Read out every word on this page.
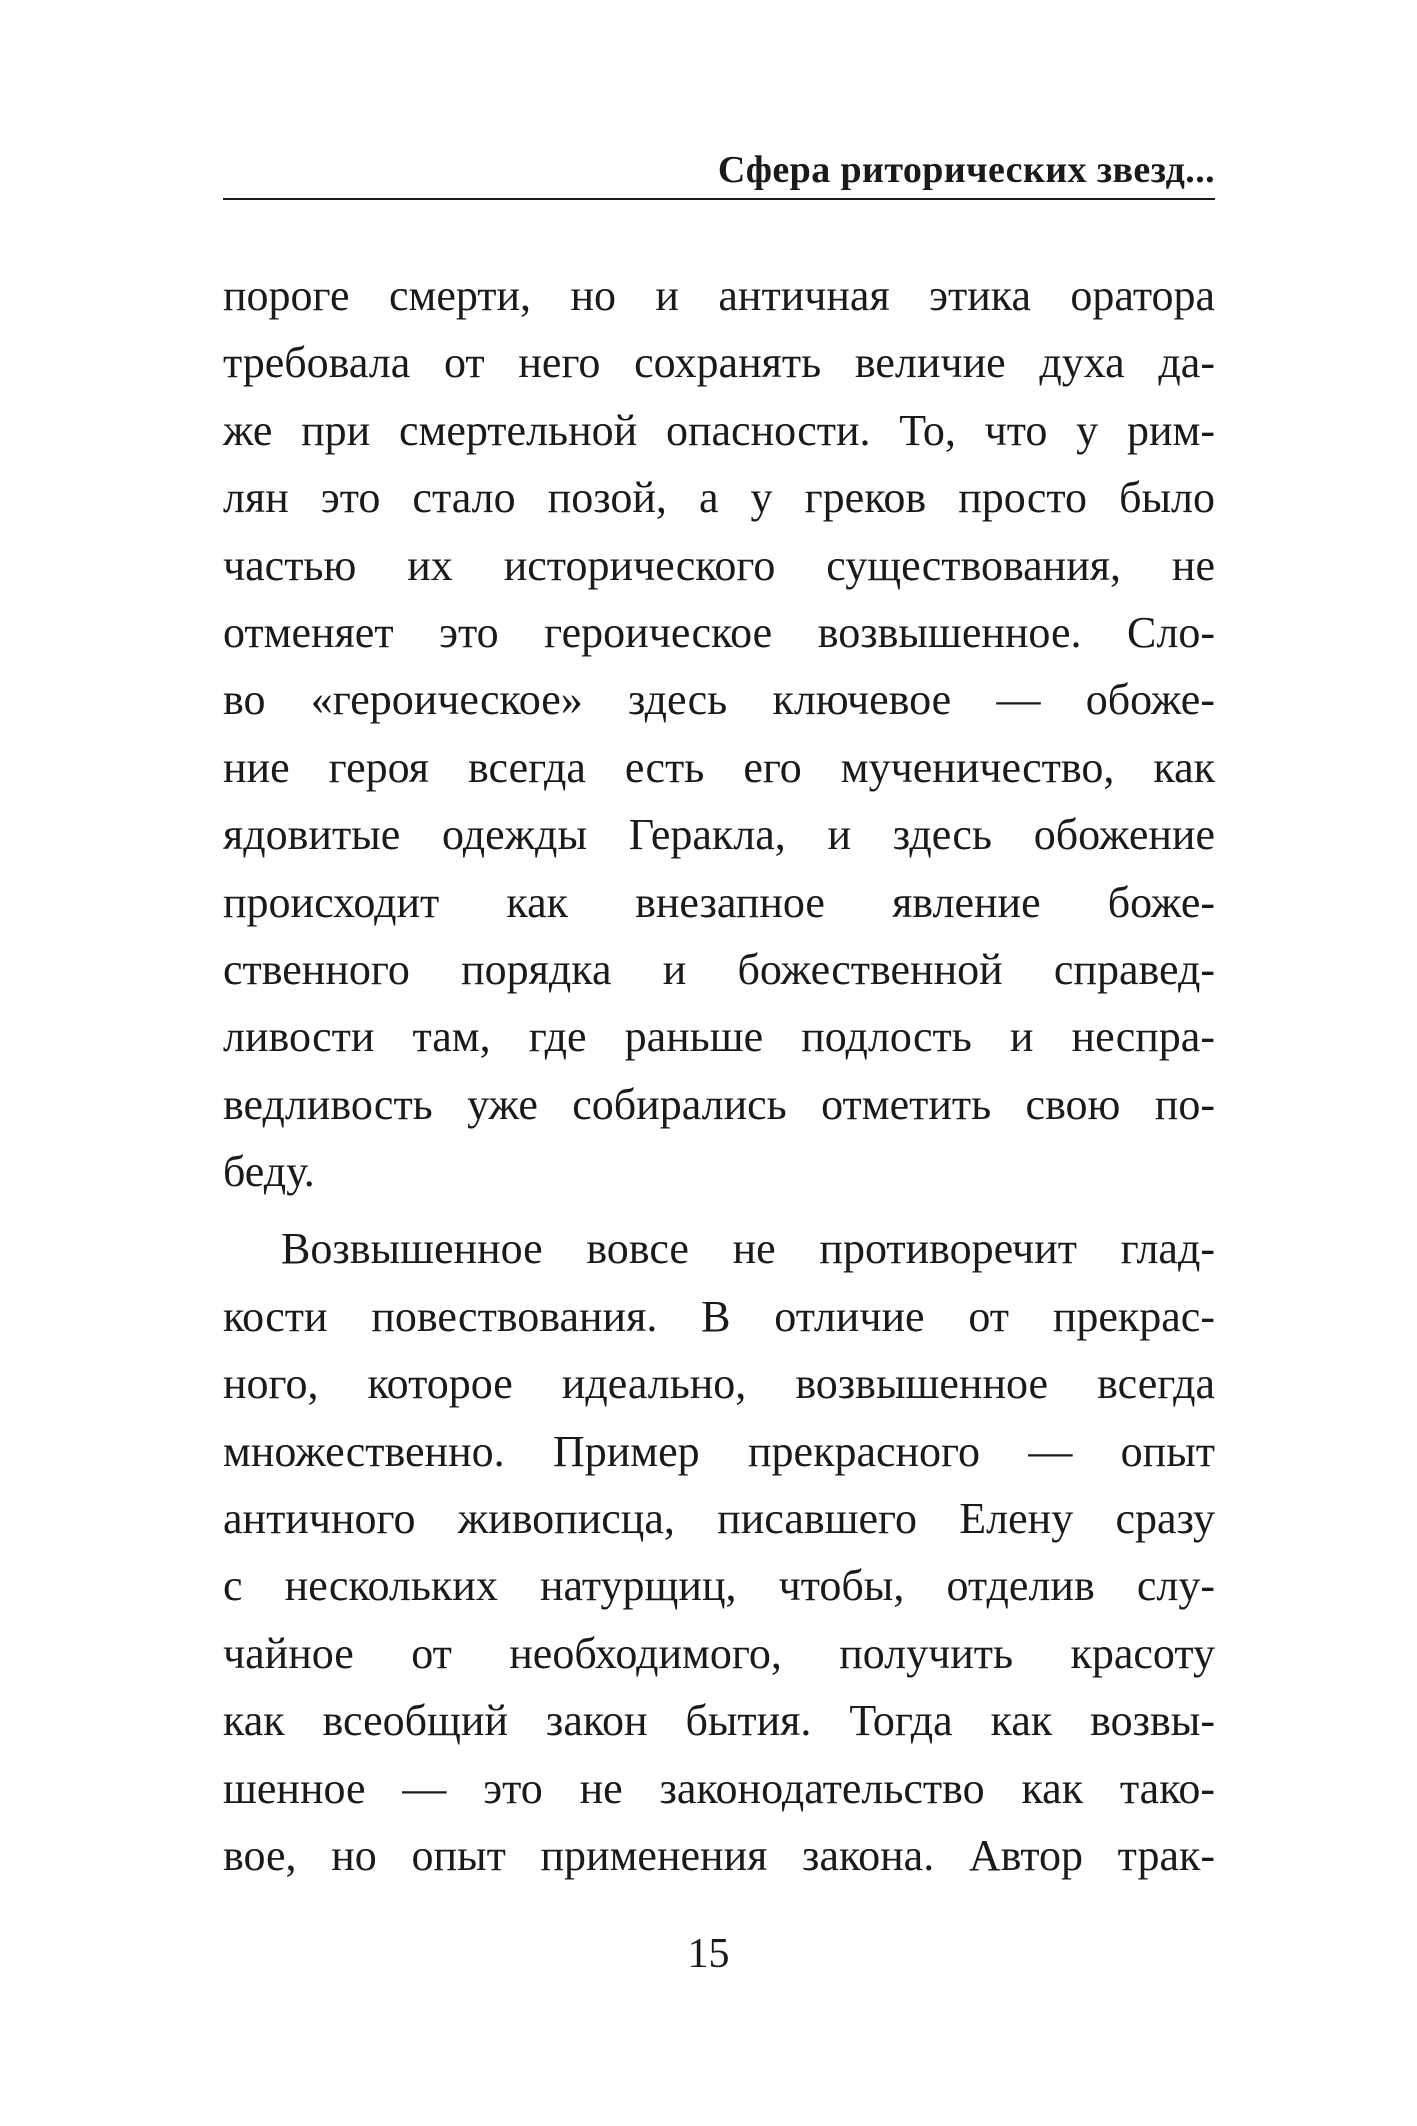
Сфера риторических звезд...
пороге смерти, но и античная этика оратора
требовала от него сохранять величие духа да-
же при смертельной опасности. То, что у рим-
лян это стало позой, а у греков просто было
частью их исторического существования, не
отменяет это героическое возвышенное. Сло-
во «героическое» здесь ключевое — обоже-
ние героя всегда есть его мученичество, как
ядовитые одежды Геракла, и здесь обожение
происходит как внезапное явление боже-
ственного порядка и божественной справед-
ливости там, где раньше подлость и неспра-
ведливость уже собирались отметить свою по-
беду.
Возвышенное вовсе не противоречит глад-
кости повествования. В отличие от прекрас-
ного, которое идеально, возвышенное всегда
множественно. Пример прекрасного — опыт
античного живописца, писавшего Елену сразу
с нескольких натурщиц, чтобы, отделив слу-
чайное от необходимого, получить красоту
как всеобщий закон бытия. Тогда как возвы-
шенное — это не законодательство как тако-
вое, но опыт применения закона. Автор трак-
15
